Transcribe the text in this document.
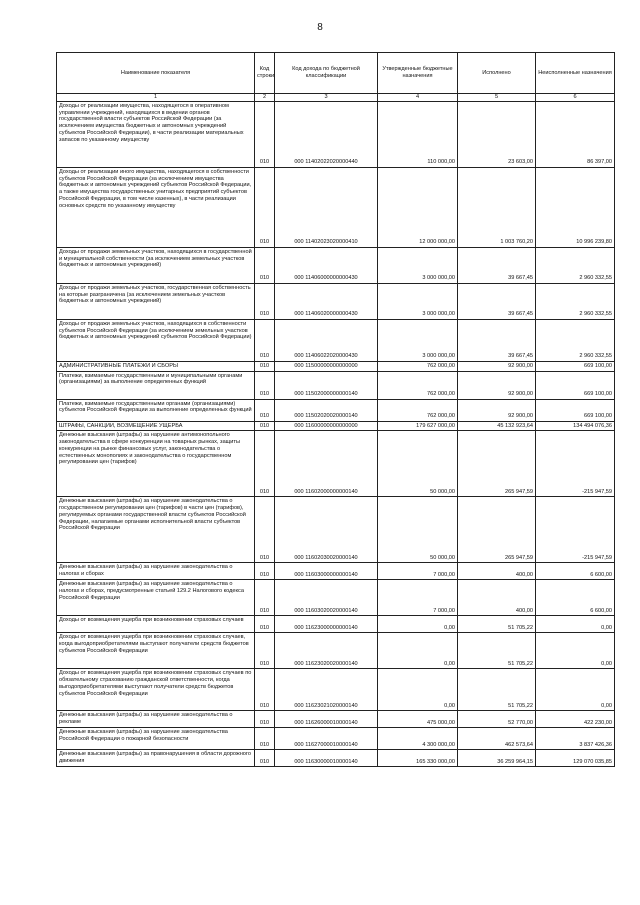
8
Наименование показателя	Код строки	Код дохода по бюджетной классификации	Утвержденные бюджетные назначения	Исполнено	Неисполненные назначения
1	2	3	4	5	6
Доходы от реализации имущества, находящегося в оперативном управлении учреждений, находящихся в ведении органов государственной власти субъектов Российской Федерации (за исключением имущества бюджетных и автономных учреждений субъектов Российской Федерации), в части реализации материальных запасов по указанному имуществу	010	000 11402022020000440	110 000,00	23 603,00	86 397,00
Доходы от реализации иного имущества, находящегося в собственности субъектов Российской Федерации (за исключением имущества бюджетных и автономных учреждений субъектов Российской Федерации, а также имущества государственных унитарных предприятий субъектов Российской Федерации, в том числе казенных), в части реализации основных средств по указанному имуществу	010	000 11402023020000410	12 000 000,00	1 003 760,20	10 996 239,80
Доходы от продажи земельных участков, находящихся в государственной и муниципальной собственности (за исключением земельных участков бюджетных и автономных учреждений)	010	000 11406000000000430	3 000 000,00	39 667,45	2 960 332,55
Доходы от продажи земельных участков, государственная собственность на которые разграничена (за исключением земельных участков бюджетных и автономных учреждений)	010	000 11406020000000430	3 000 000,00	39 667,45	2 960 332,55
Доходы от продажи земельных участков, находящихся в собственности субъектов Российской Федерации (за исключением земельных участков бюджетных и автономных учреждений субъектов Российской Федерации)	010	000 11406022020000430	3 000 000,00	39 667,45	2 960 332,55
АДМИНИСТРАТИВНЫЕ ПЛАТЕЖИ И СБОРЫ	010	000 11500000000000000	762 000,00	92 900,00	669 100,00
Платежи, взимаемые государственными и муниципальными органами (организациями) за выполнение определенных функций	010	000 11502000000000140	762 000,00	92 900,00	669 100,00
Платежи, взимаемые государственными органами (организациями) субъектов Российской Федерации за выполнение определенных функций	010	000 11502020020000140	762 000,00	92 900,00	669 100,00
ШТРАФЫ, САНКЦИИ, ВОЗМЕЩЕНИЕ УЩЕРБА	010	000 11600000000000000	179 627 000,00	45 132 923,64	134 494 076,36
Денежные взыскания (штрафы) за нарушение антимонопольного законодательства в сфере конкуренции на товарных рынках, защиты конкуренции на рынке финансовых услуг, законодательства о естественных монополиях и законодательства о государственном регулировании цен (тарифов)	010	000 11602000000000140	50 000,00	265 947,59	-215 947,59
Денежные взыскания (штрафы) за нарушение законодательства о государственном регулировании цен (тарифов) в части цен (тарифов), регулируемых органами государственной власти субъектов Российской Федерации, налагаемые органами исполнительной власти субъектов Российской Федерации	010	000 11602030020000140	50 000,00	265 947,59	-215 947,59
Денежные взыскания (штрафы) за нарушение законодательства о налогах и сборах	010	000 11603000000000140	7 000,00	400,00	6 600,00
Денежные взыскания (штрафы) за нарушение законодательства о налогах и сборах, предусмотренные статьей 129.2 Налогового кодекса Российской Федерации	010	000 11603020020000140	7 000,00	400,00	6 600,00
Доходы от возмещения ущерба при возникновении страховых случаев	010	000 11623000000000140	0,00	51 705,22	0,00
Доходы от возмещения ущерба при возникновении страховых случаев, когда выгодоприобретателями выступают получатели средств бюджетов субъектов Российской Федерации	010	000 11623020020000140	0,00	51 705,22	0,00
Доходы от возмещения ущерба при возникновении страховых случаев по обязательному страхованию гражданской ответственности, когда выгодоприобретателями выступают получатели средств бюджетов субъектов Российской Федерации	010	000 11623021020000140	0,00	51 705,22	0,00
Денежные взыскания (штрафы) за нарушение законодательства о рекламе	010	000 11626000010000140	475 000,00	52 770,00	422 230,00
Денежные взыскания (штрафы) за нарушение законодательства Российской Федерации о пожарной безопасности	010	000 11627000010000140	4 300 000,00	462 573,64	3 837 426,36
Денежные взыскания (штрафы) за правонарушения в области дорожного движения	010	000 11630000010000140	165 330 000,00	36 259 964,15	129 070 035,85
